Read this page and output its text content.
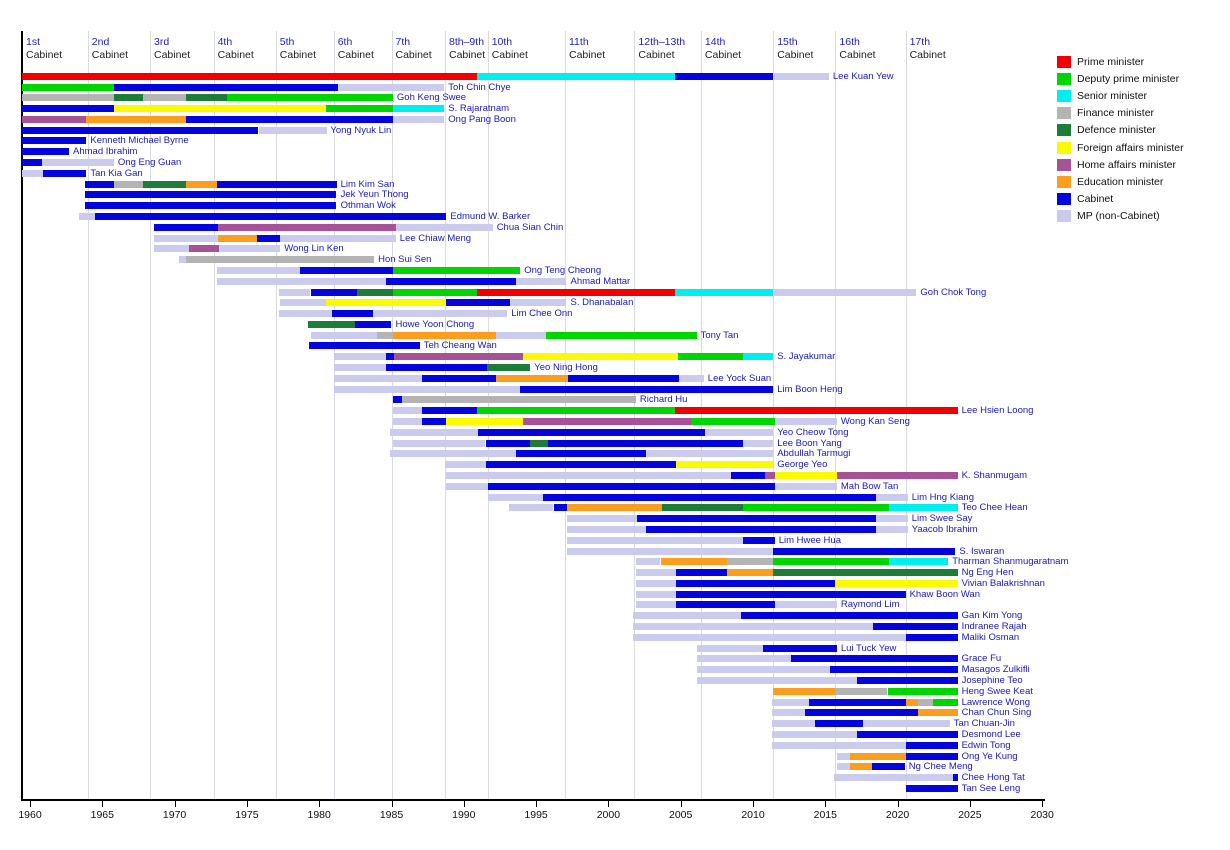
1st
Cabinet
2nd
Cabinet
3rd
Cabinet
4th
Cabinet
5th
Cabinet
6th
Cabinet
7th
Cabinet
8th–9th
Cabinet
10th
Cabinet
11th
Cabinet
12th–13th
Cabinet
14th
Cabinet
15th
Cabinet
16th
Cabinet
17th
Cabinet
1960	1965	1970	1975	1980	1985	1990	1995	2000	2005	2010	2015	2020	2025	2030
Lee Kuan Yew
Toh Chin Chye
Goh Keng Swee
S. Rajaratnam
Ong Pang Boon
Yong Nyuk Lin
Kenneth Michael Byrne
Ahmad Ibrahim
Ong Eng Guan
Tan Kia Gan
Lim Kim San
Jek Yeun Thong
Othman Wok
Edmund W. Barker
Chua Sian Chin
Lee Chiaw Meng
Wong Lin Ken
Hon Sui Sen
Ong Teng Cheong
Ahmad Mattar
Goh Chok Tong
S. Dhanabalan
Lim Chee Onn
Howe Yoon Chong
Tony Tan
Teh Cheang Wan
S. Jayakumar
Yeo Ning Hong
Lee Yock Suan
Lim Boon Heng
Richard Hu
Lee Hsien Loong
Wong Kan Seng
Yeo Cheow Tong
Lee Boon Yang
Abdullah Tarmugi
George Yeo
K. Shanmugam
Mah Bow Tan
Lim Hng Kiang
Teo Chee Hean
Lim Swee Say
Yaacob Ibrahim
Lim Hwee Hua
S. Iswaran
Tharman Shanmugaratnam
Ng Eng Hen
Vivian Balakrishnan
Khaw Boon Wan
Raymond Lim
Gan Kim Yong
Indranee Rajah
Maliki Osman
Lui Tuck Yew
Grace Fu
Masagos Zulkifli
Josephine Teo
Heng Swee Keat
Lawrence Wong
Chan Chun Sing
Tan Chuan-Jin
Desmond Lee
Edwin Tong
Ong Ye Kung
Ng Chee Meng
Chee Hong Tat
Tan See Leng
Prime minister
Deputy prime minister
Senior minister
Finance minister
Defence minister
Foreign affairs minister
Home affairs minister
Education minister
Cabinet
MP (non-Cabinet)
